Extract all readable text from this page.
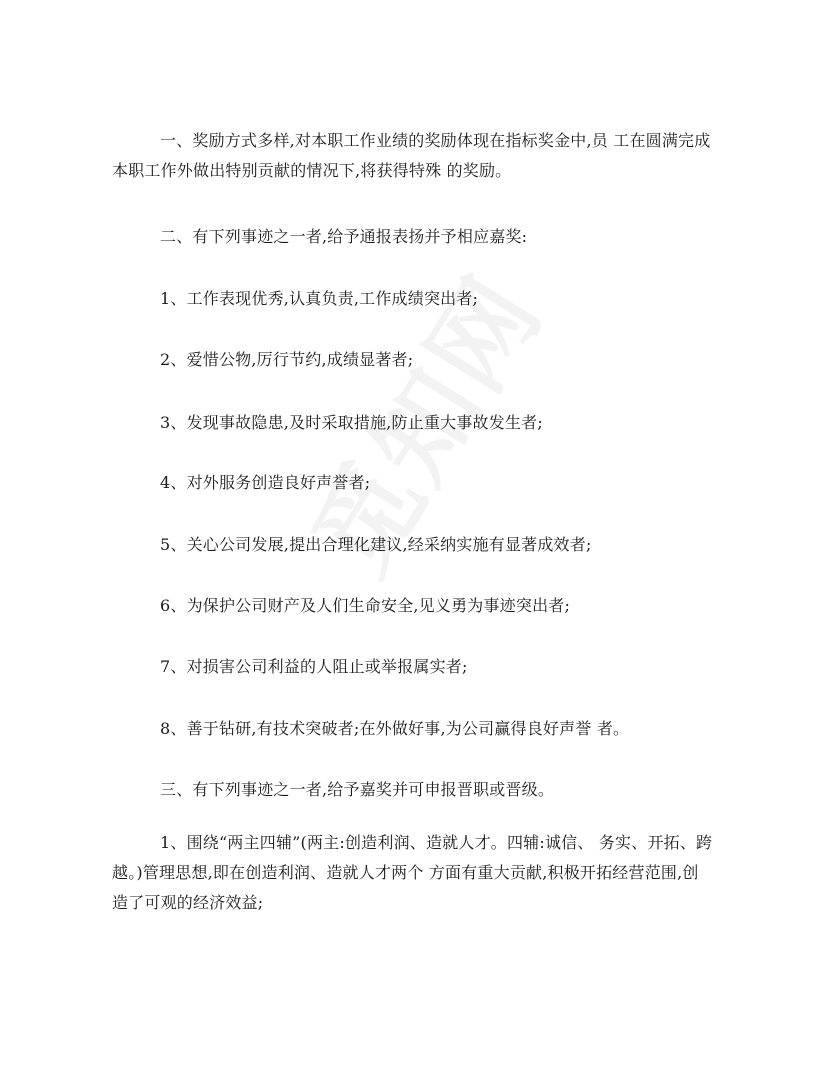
一、奖励方式多样,对本职工作业绩的奖励体现在指标奖金中,员 工在圆满完成本职工作外做出特别贡献的情况下,将获得特殊 的奖励。

二、有下列事迹之一者,给予通报表扬并予相应嘉奖:

1、工作表现优秀,认真负责,工作成绩突出者;

2、爱惜公物,厉行节约,成绩显著者;

3、发现事故隐患,及时采取措施,防止重大事故发生者;

4、对外服务创造良好声誉者;

5、关心公司发展,提出合理化建议,经采纳实施有显著成效者;

6、为保护公司财产及人们生命安全,见义勇为事迹突出者;

7、对损害公司利益的人阻止或举报属实者;

8、善于钻研,有技术突破者;在外做好事,为公司赢得良好声誉 者。

三、有下列事迹之一者,给予嘉奖并可申报晋职或晋级。

1、围绕“两主四辅”(两主:创造利润、造就人才。四辅:诚信、 务实、开拓、跨越。)管理思想,即在创造利润、造就人才两个 方面有重大贡献,积极开拓经营范围,创造了可观的经济效益;
